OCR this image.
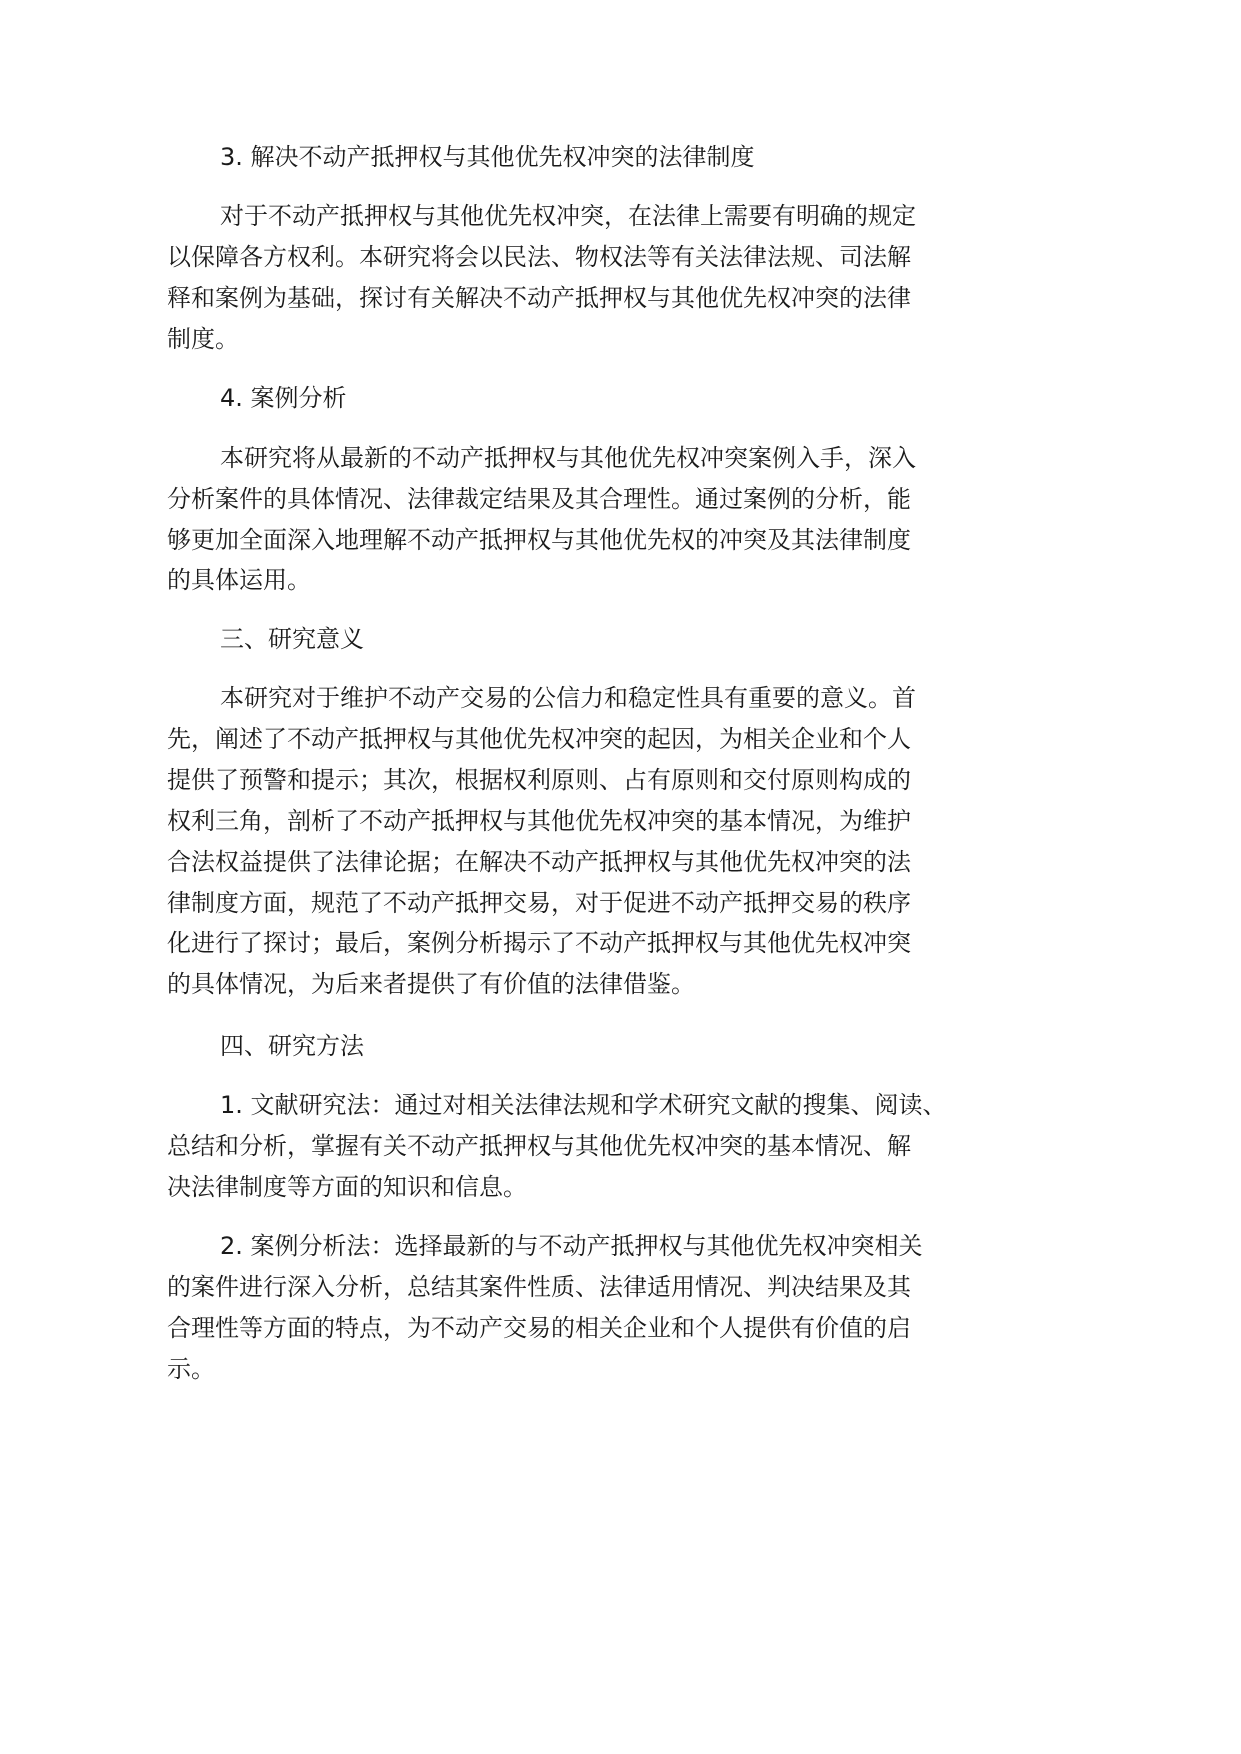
3. 解决不动产抵押权与其他优先权冲突的法律制度

对于不动产抵押权与其他优先权冲突，在法律上需要有明确的规定

以保障各方权利。本研究将会以民法、物权法等有关法律法规、司法解

释和案例为基础，探讨有关解决不动产抵押权与其他优先权冲突的法律

制度。

4. 案例分析

本研究将从最新的不动产抵押权与其他优先权冲突案例入手，深入

分析案件的具体情况、法律裁定结果及其合理性。通过案例的分析，能

够更加全面深入地理解不动产抵押权与其他优先权的冲突及其法律制度

的具体运用。

三、研究意义

本研究对于维护不动产交易的公信力和稳定性具有重要的意义。首

先，阐述了不动产抵押权与其他优先权冲突的起因，为相关企业和个人

提供了预警和提示；其次，根据权利原则、占有原则和交付原则构成的

权利三角，剖析了不动产抵押权与其他优先权冲突的基本情况，为维护

合法权益提供了法律论据；在解决不动产抵押权与其他优先权冲突的法

律制度方面，规范了不动产抵押交易，对于促进不动产抵押交易的秩序

化进行了探讨；最后，案例分析揭示了不动产抵押权与其他优先权冲突

的具体情况，为后来者提供了有价值的法律借鉴。

四、研究方法

1. 文献研究法：通过对相关法律法规和学术研究文献的搜集、阅读、

总结和分析，掌握有关不动产抵押权与其他优先权冲突的基本情况、解

决法律制度等方面的知识和信息。

2. 案例分析法：选择最新的与不动产抵押权与其他优先权冲突相关

的案件进行深入分析，总结其案件性质、法律适用情况、判决结果及其

合理性等方面的特点，为不动产交易的相关企业和个人提供有价值的启

示。
